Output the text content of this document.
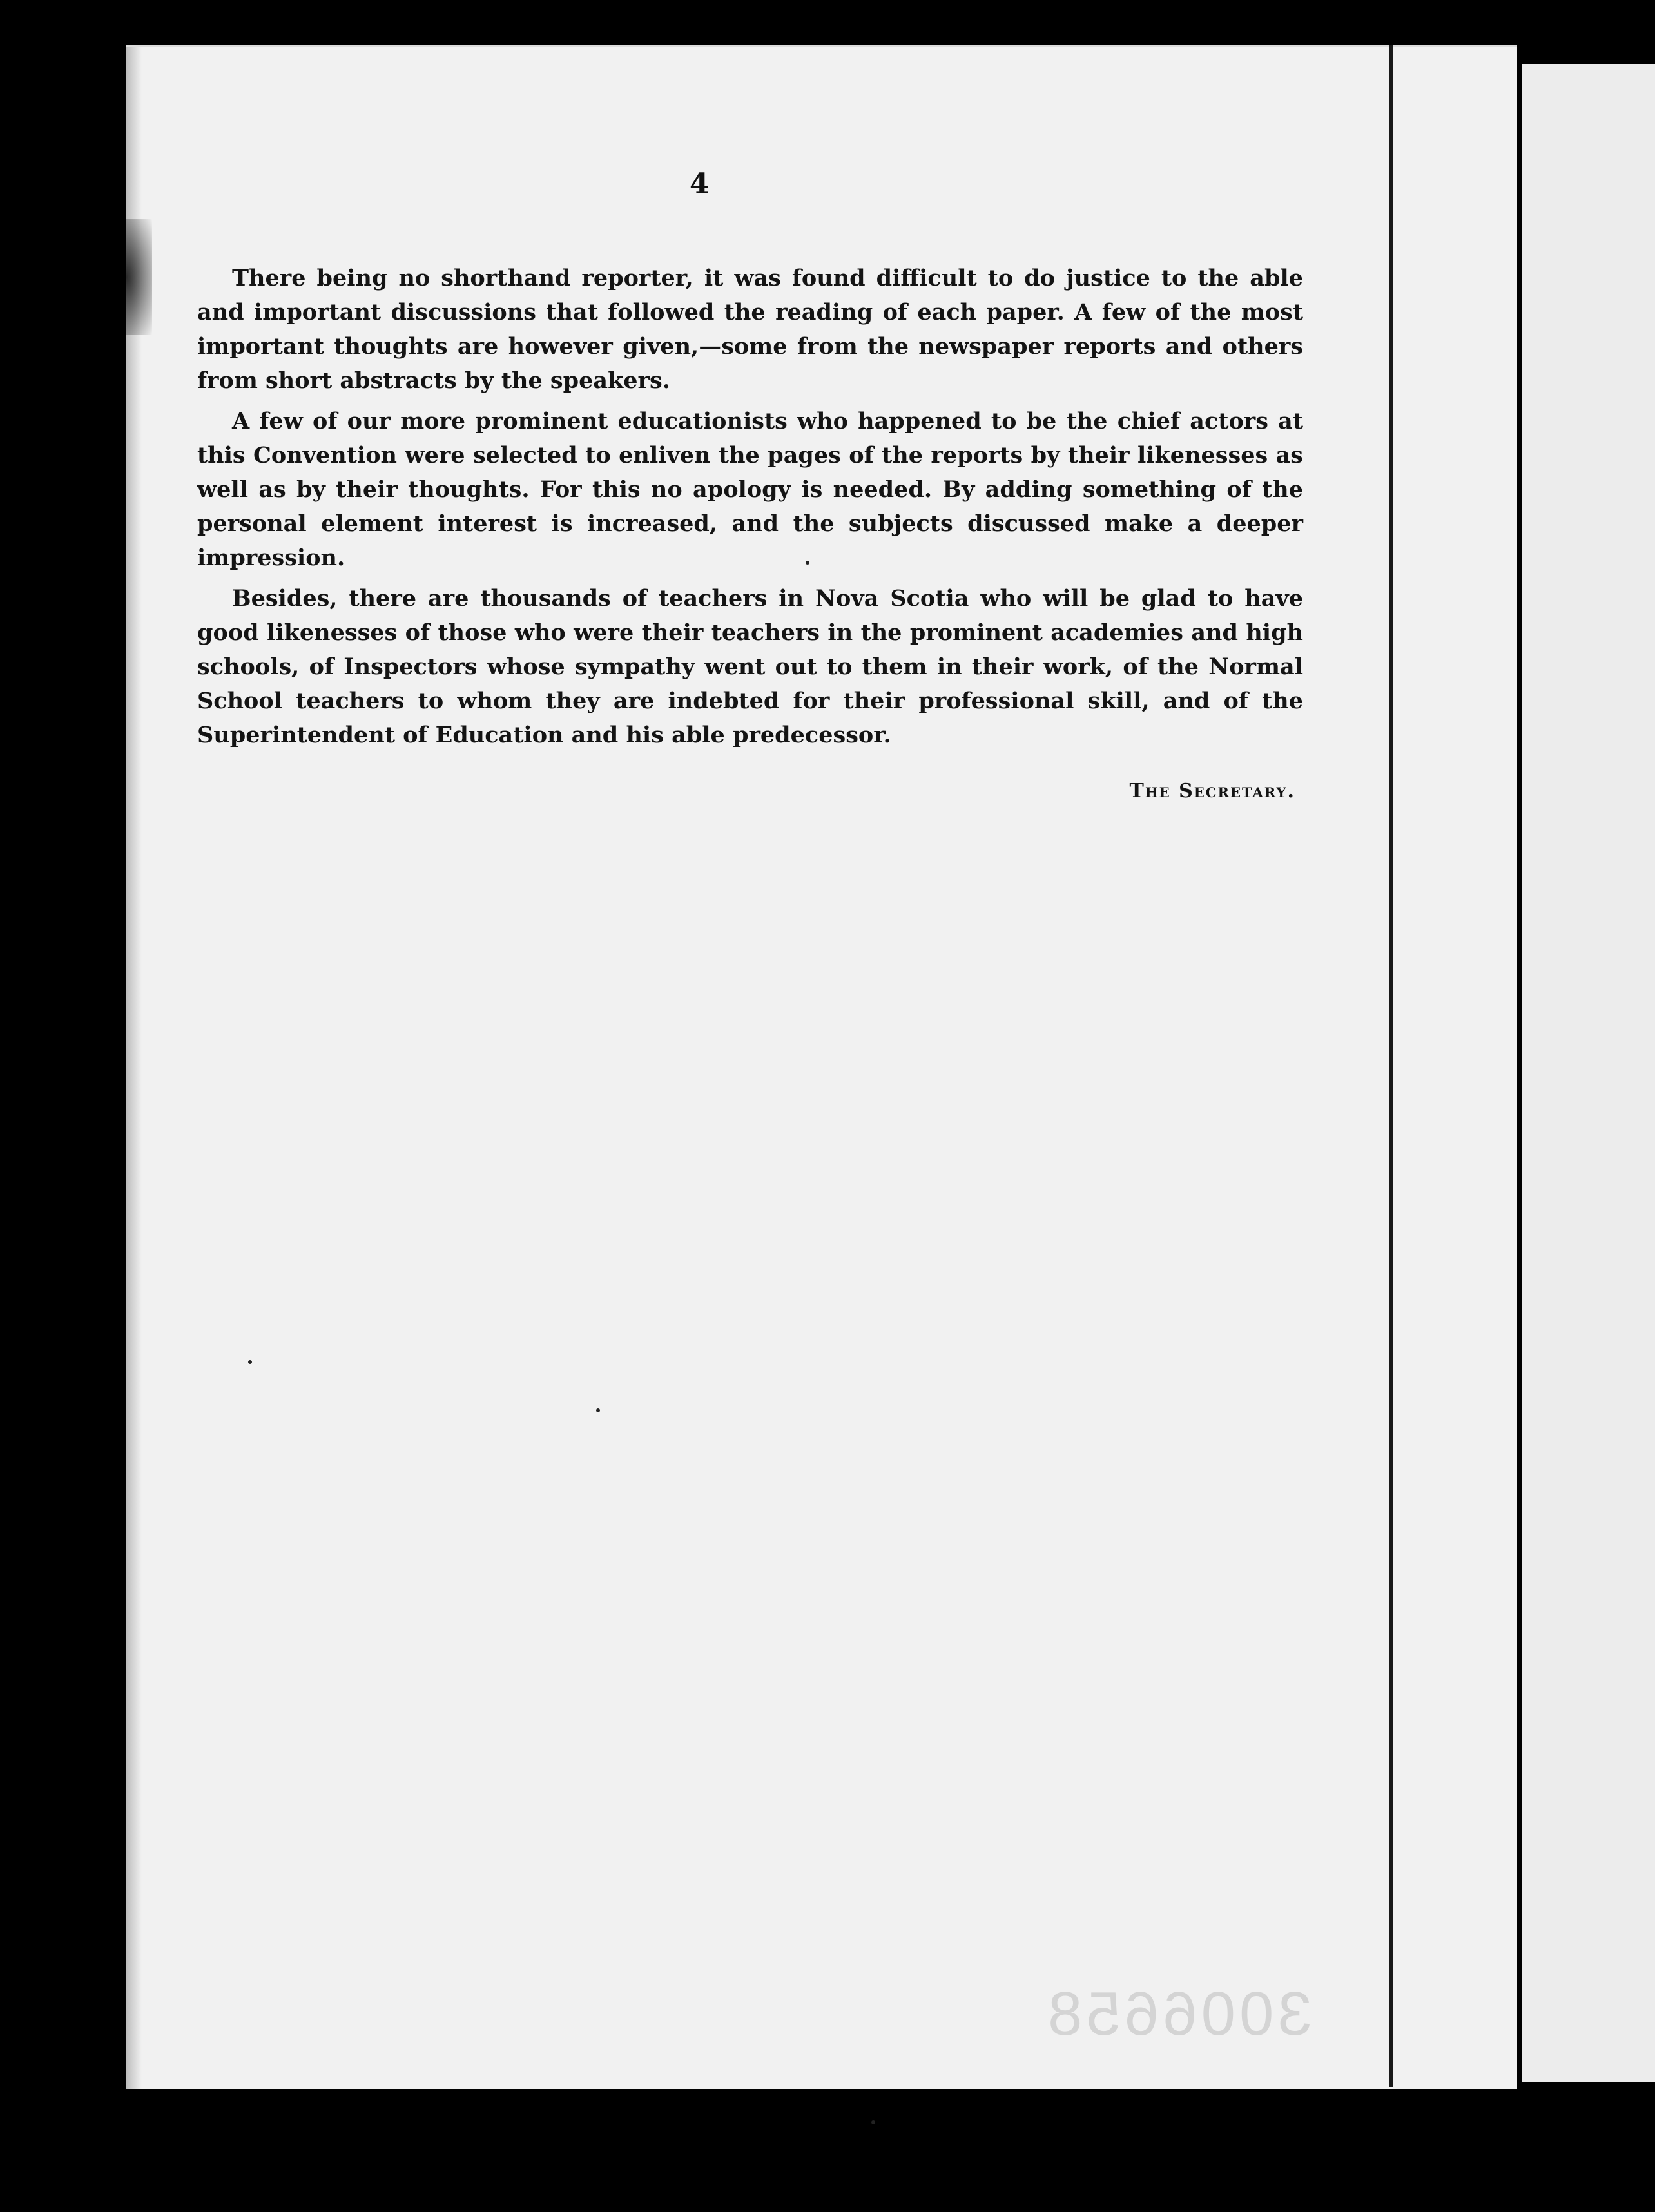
4

There being no shorthand reporter, it was found difficult to do justice to the able and important discussions that followed the reading of each paper. A few of the most important thoughts are however given,—some from the newspaper reports and others from short abstracts by the speakers.

A few of our more prominent educationists who happened to be the chief actors at this Convention were selected to enliven the pages of the reports by their likenesses as well as by their thoughts. For this no apology is needed. By adding something of the personal element interest is increased, and the subjects discussed make a deeper impression.

Besides, there are thousands of teachers in Nova Scotia who will be glad to have good likenesses of those who were their teachers in the prominent academies and high schools, of Inspectors whose sympathy went out to them in their work, of the Normal School teachers to whom they are indebted for their professional skill, and of the Superintendent of Education and his able predecessor.

The Secretary.
3006658
